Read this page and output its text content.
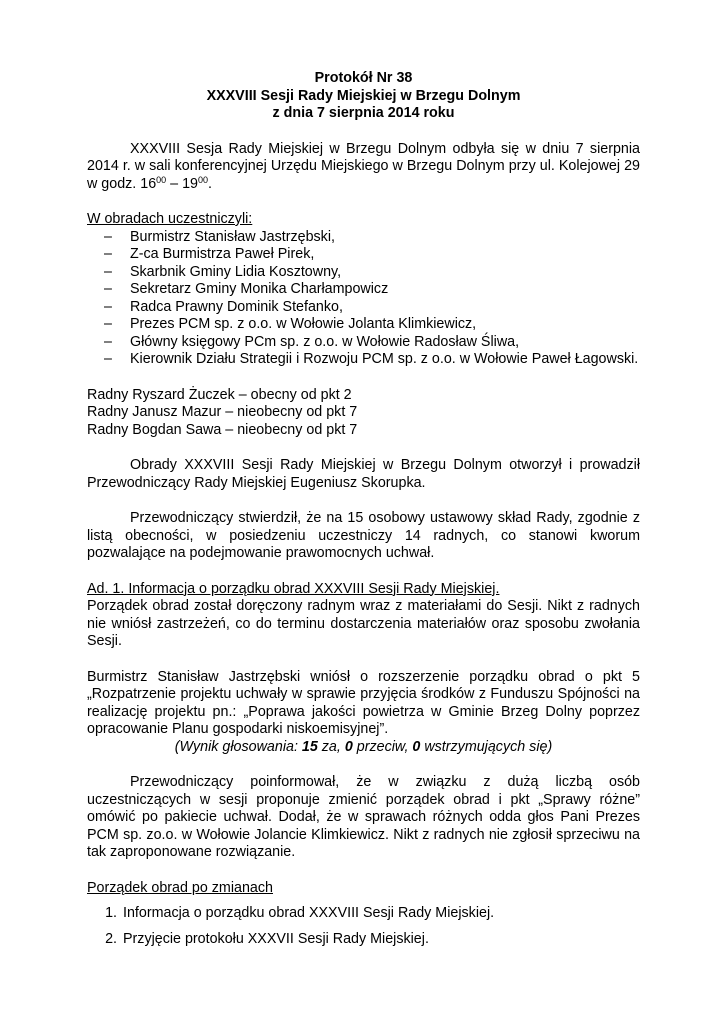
Protokół Nr 38
XXXVIII Sesji Rady Miejskiej w Brzegu Dolnym
z dnia 7 sierpnia 2014 roku

XXXVIII Sesja Rady Miejskiej w Brzegu Dolnym odbyła się w dniu 7 sierpnia 2014 r. w sali konferencyjnej Urzędu Miejskiego w Brzegu Dolnym przy ul. Kolejowej 29 w godz. $16^{00} - 19^{00}$.

W obradach uczestniczyli:
– Burmistrz Stanisław Jastrzębski,
– Z-ca Burmistrza Paweł Pirek,
– Skarbnik Gminy Lidia Kosztowny,
– Sekretarz Gminy Monika Charłampowicz
– Radca Prawny Dominik Stefanko,
– Prezes PCM sp. z o.o. w Wołowie Jolanta Klimkiewicz,
– Główny księgowy PCm sp. z o.o. w Wołowie Radosław Śliwa,
– Kierownik Działu Strategii i Rozwoju PCM sp. z o.o. w Wołowie Paweł Łagowski.
Radny Ryszard Żuczek – obecny od pkt 2
Radny Janusz Mazur – nieobecny od pkt 7
Radny Bogdan Sawa – nieobecny od pkt 7

Obrady XXXVIII Sesji Rady Miejskiej w Brzegu Dolnym otworzył i prowadził Przewodniczący Rady Miejskiej Eugeniusz Skorupka.

Przewodniczący stwierdził, że na 15 osobowy ustawowy skład Rady, zgodnie z listą obecności, w posiedzeniu uczestniczy 14 radnych, co stanowi kworum pozwalające na podejmowanie prawomocnych uchwał.

Ad. 1. Informacja o porządku obrad XXXVIII Sesji Rady Miejskiej.

Porządek obrad został doręczony radnym wraz z materiałami do Sesji. Nikt z radnych nie wniósł zastrzeżeń, co do terminu dostarczenia materiałów oraz sposobu zwołania Sesji.

Burmistrz Stanisław Jastrzębski wniósł o rozszerzenie porządku obrad o pkt 5 „Rozpatrzenie projektu uchwały w sprawie przyjęcia środków z Funduszu Spójności na realizację projektu pn.: „Poprawa jakości powietrza w Gminie Brzeg Dolny poprzez opracowanie Planu gospodarki niskoemisyjnej”.

(Wynik głosowania: 15 za, 0 przeciw, 0 wstrzymujących się)

Przewodniczący poinformował, że w związku z dużą liczbą osób uczestniczących w sesji proponuje zmienić porządek obrad i pkt „Sprawy różne” omówić po pakiecie uchwał. Dodał, że w sprawach różnych odda głos Pani Prezes PCM sp. zo.o. w Wołowie Jolancie Klimkiewicz. Nikt z radnych nie zgłosił sprzeciwu na tak zaproponowane rozwiązanie.

Porządek obrad po zmianach
1. Informacja o porządku obrad XXXVIII Sesji Rady Miejskiej.
2. Przyjęcie protokołu XXXVII Sesji Rady Miejskiej.
